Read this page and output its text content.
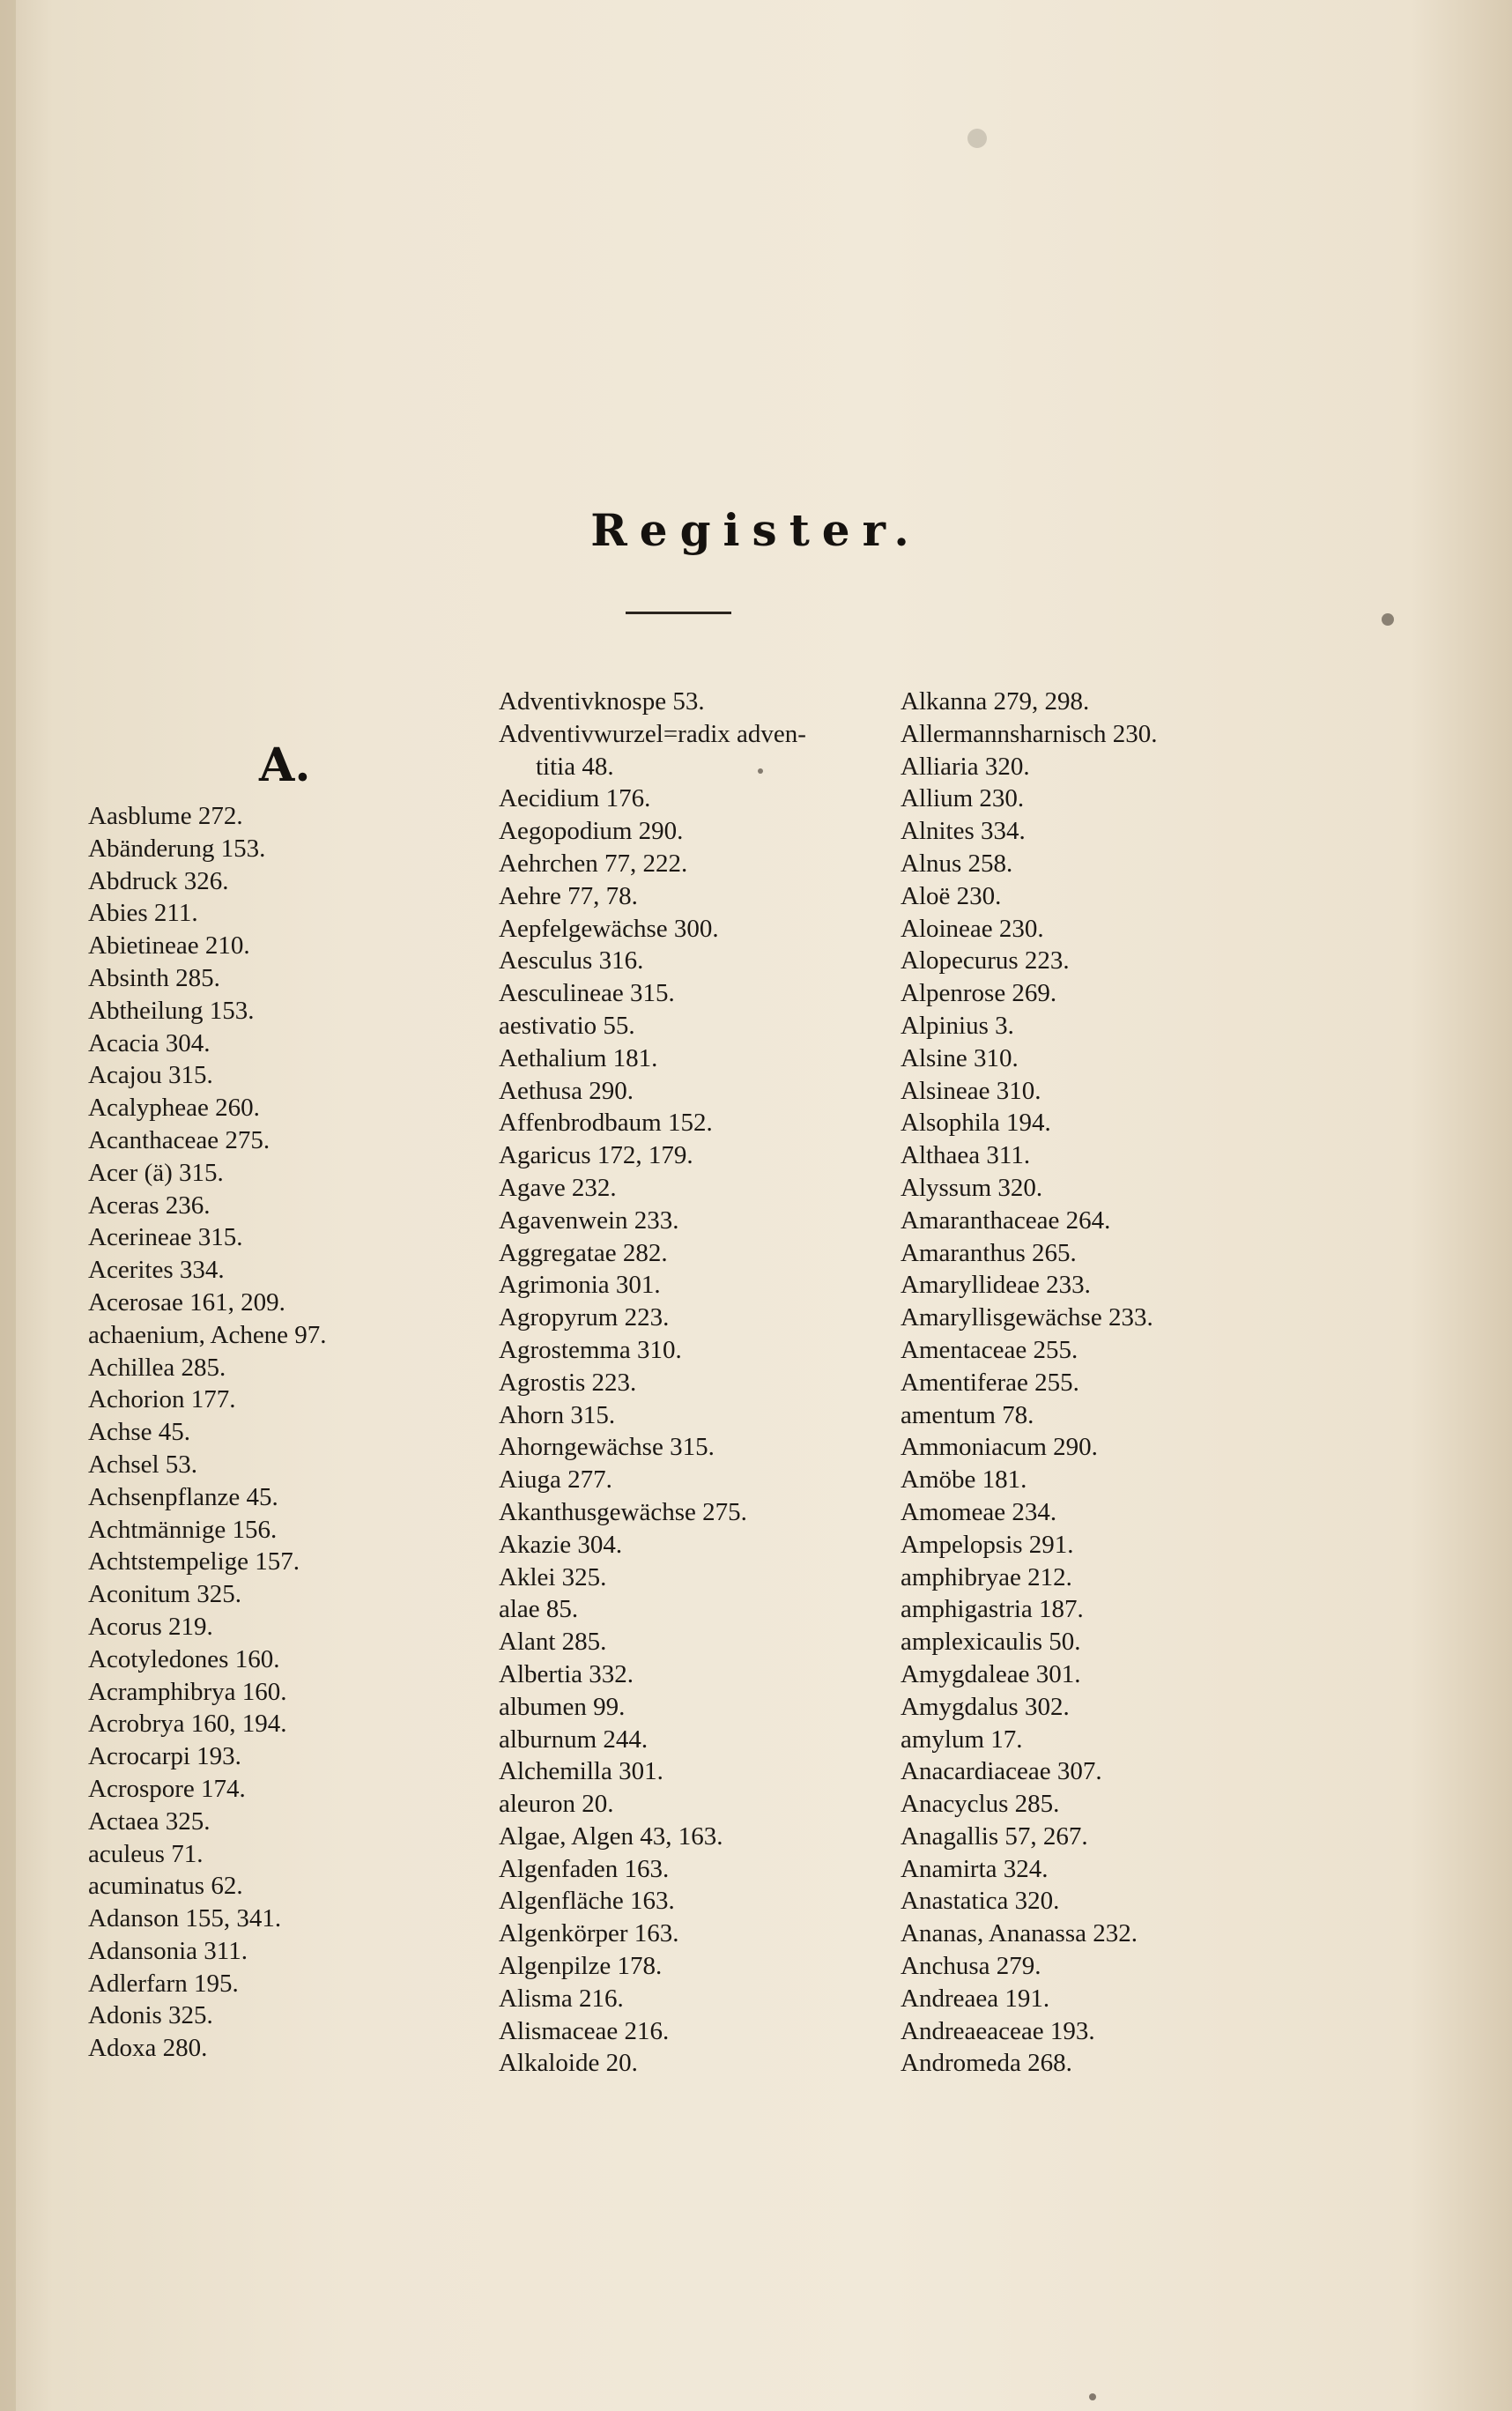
Register.
A.
Aasblume 272.
Abänderung 153.
Abdruck 326.
Abies 211.
Abietineae 210.
Absinth 285.
Abtheilung 153.
Acacia 304.
Acajou 315.
Acalypheae 260.
Acanthaceae 275.
Acer (ä) 315.
Aceras 236.
Acerineae 315.
Acerites 334.
Acerosae 161, 209.
achaenium, Achene 97.
Achillea 285.
Achorion 177.
Achse 45.
Achsel 53.
Achsenpflanze 45.
Achtmännige 156.
Achtstempelige 157.
Aconitum 325.
Acorus 219.
Acotyledones 160.
Acramphibrya 160.
Acrobrya 160, 194.
Acrocarpi 193.
Acrospore 174.
Actaea 325.
aculeus 71.
acuminatus 62.
Adanson 155, 341.
Adansonia 311.
Adlerfarn 195.
Adonis 325.
Adoxa 280.
Adventivknospe 53.
Adventivwurzel=radix adven-
titia 48.
Aecidium 176.
Aegopodium 290.
Aehrchen 77, 222.
Aehre 77, 78.
Aepfelgewächse 300.
Aesculus 316.
Aesculineae 315.
aestivatio 55.
Aethalium 181.
Aethusa 290.
Affenbrodbaum 152.
Agaricus 172, 179.
Agave 232.
Agavenwein 233.
Aggregatae 282.
Agrimonia 301.
Agropyrum 223.
Agrostemma 310.
Agrostis 223.
Ahorn 315.
Ahorngewächse 315.
Aiuga 277.
Akanthusgewächse 275.
Akazie 304.
Aklei 325.
alae 85.
Alant 285.
Albertia 332.
albumen 99.
alburnum 244.
Alchemilla 301.
aleuron 20.
Algae, Algen 43, 163.
Algenfaden 163.
Algenfläche 163.
Algenkörper 163.
Algenpilze 178.
Alisma 216.
Alismaceae 216.
Alkaloide 20.
Alkanna 279, 298.
Allermannsharnisch 230.
Alliaria 320.
Allium 230.
Alnites 334.
Alnus 258.
Aloë 230.
Aloineae 230.
Alopecurus 223.
Alpenrose 269.
Alpinius 3.
Alsine 310.
Alsineae 310.
Alsophila 194.
Althaea 311.
Alyssum 320.
Amaranthaceae 264.
Amaranthus 265.
Amaryllideae 233.
Amaryllisgewächse 233.
Amentaceae 255.
Amentiferae 255.
amentum 78.
Ammoniacum 290.
Amöbe 181.
Amomeae 234.
Ampelopsis 291.
amphibryae 212.
amphigastria 187.
amplexicaulis 50.
Amygdaleae 301.
Amygdalus 302.
amylum 17.
Anacardiaceae 307.
Anacyclus 285.
Anagallis 57, 267.
Anamirta 324.
Anastatica 320.
Ananas, Ananassa 232.
Anchusa 279.
Andreaea 191.
Andreaeaceae 193.
Andromeda 268.
